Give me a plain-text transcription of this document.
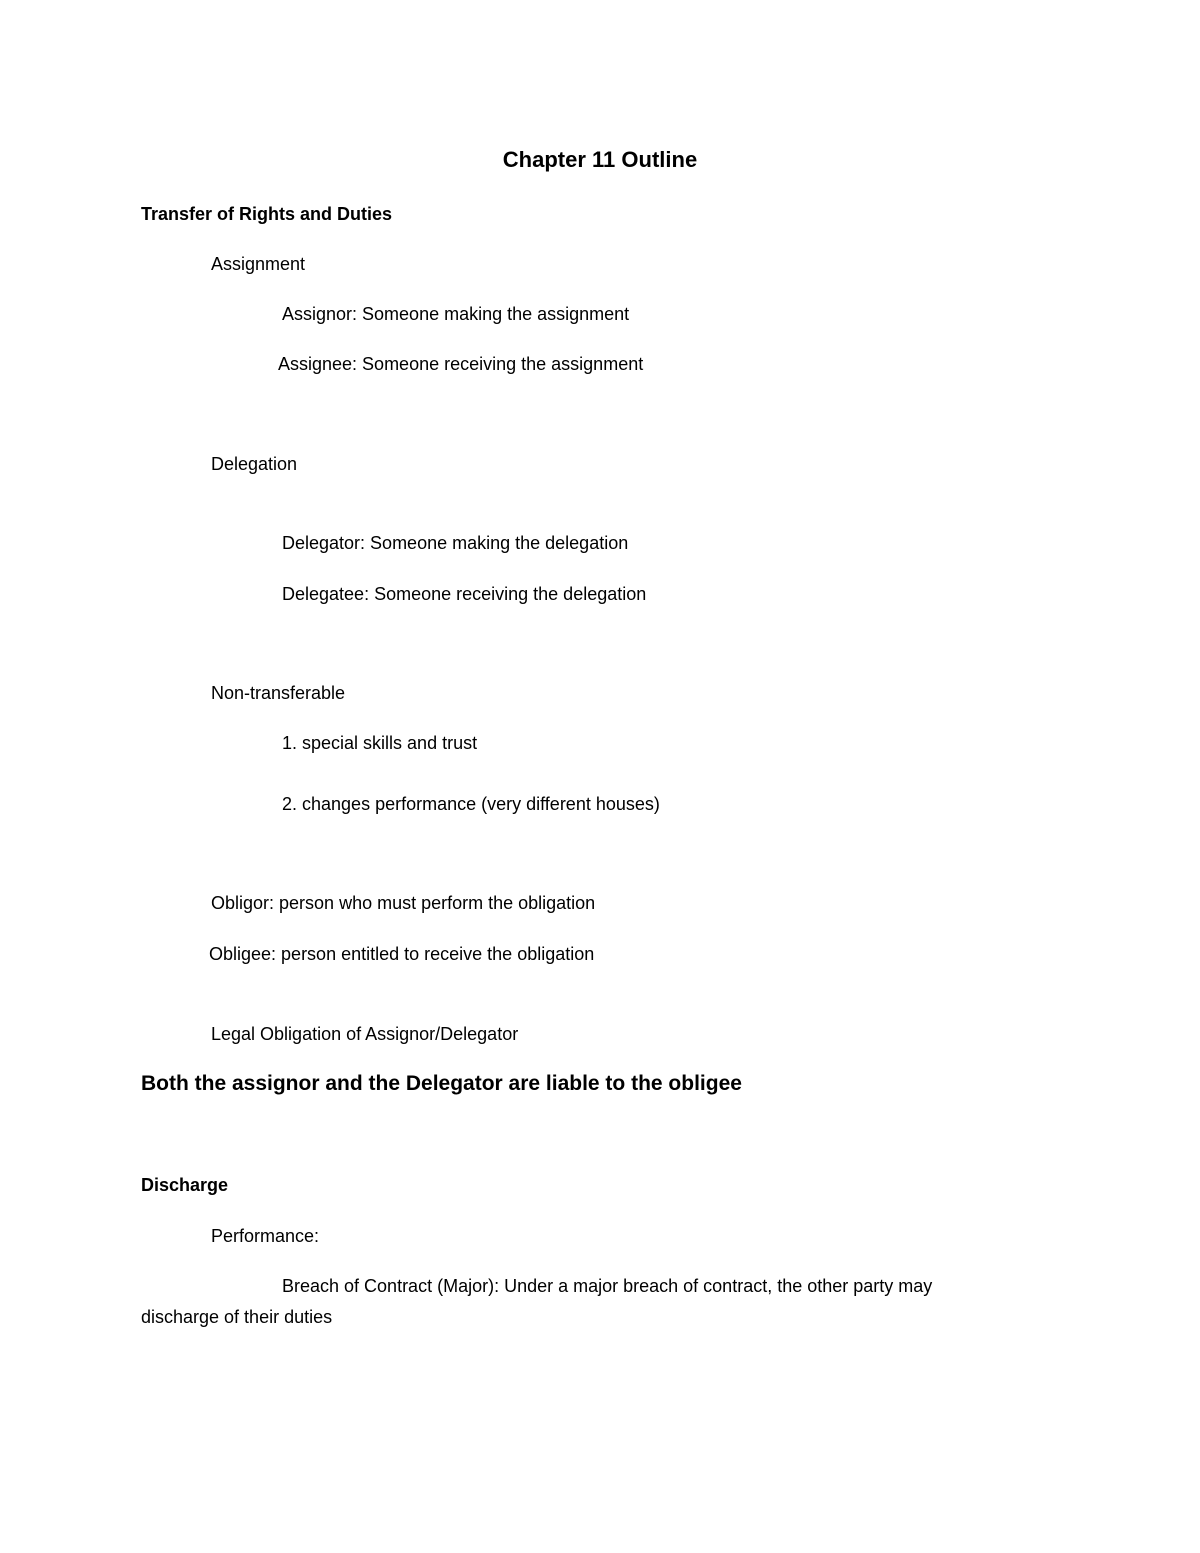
Chapter 11 Outline
Transfer of Rights and Duties
Assignment
Assignor: Someone making the assignment
Assignee: Someone receiving the assignment
Delegation
Delegator: Someone making the delegation
Delegatee: Someone receiving the delegation
Non-transferable
1. special skills and trust
2. changes performance (very different houses)
Obligor: person who must perform the obligation
Obligee: person entitled to receive the obligation
Legal Obligation of Assignor/Delegator
Both the assignor and the Delegator are liable to the obligee
Discharge
Performance:
Breach of Contract (Major): Under a major breach of contract, the other party may
discharge of their duties
